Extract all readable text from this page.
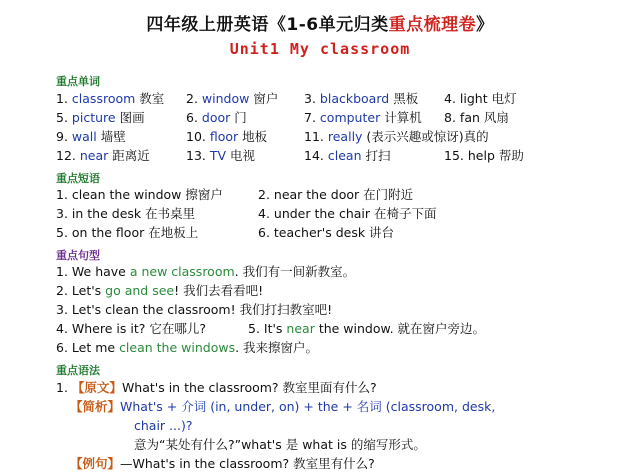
四年级上册英语《1-6单元归类重点梳理卷》
Unit1 My classroom
重点单词
1. classroom 教室 2. window 窗户 3. blackboard 黑板 4. light 电灯
5. picture 图画	6. door 门	7. computer 计算机 8. fan 风扇
9. wall 墙壁	10. floor 地板	11. really (表示兴趣或惊讶)真的
12. near 距离近	13. TV 电视	14. clean 打扫	15. help 帮助
重点短语
1. clean the window 擦窗户	2. near the door 在门附近
3. in the desk 在书桌里	4. under the chair 在椅子下面
5. on the floor 在地板上	6. teacher's desk 讲台
重点句型
1. We have a new classroom. 我们有一间新教室。
2. Let's go and see! 我们去看看吧!
3. Let's clean the classroom! 我们打扫教室吧!
4. Where is it? 它在哪儿?	5. It's near the window. 就在窗户旁边。
6. Let me clean the windows. 我来擦窗户。
重点语法
1. 【原文】What's in the classroom? 教室里面有什么?
【简析】What's + 介词 (in, under, on) + the + 名词 (classroom, desk,
chair ...)?
意为“某处有什么?”what's 是 what is 的缩写形式。
【例句】—What's in the classroom? 教室里有什么?
